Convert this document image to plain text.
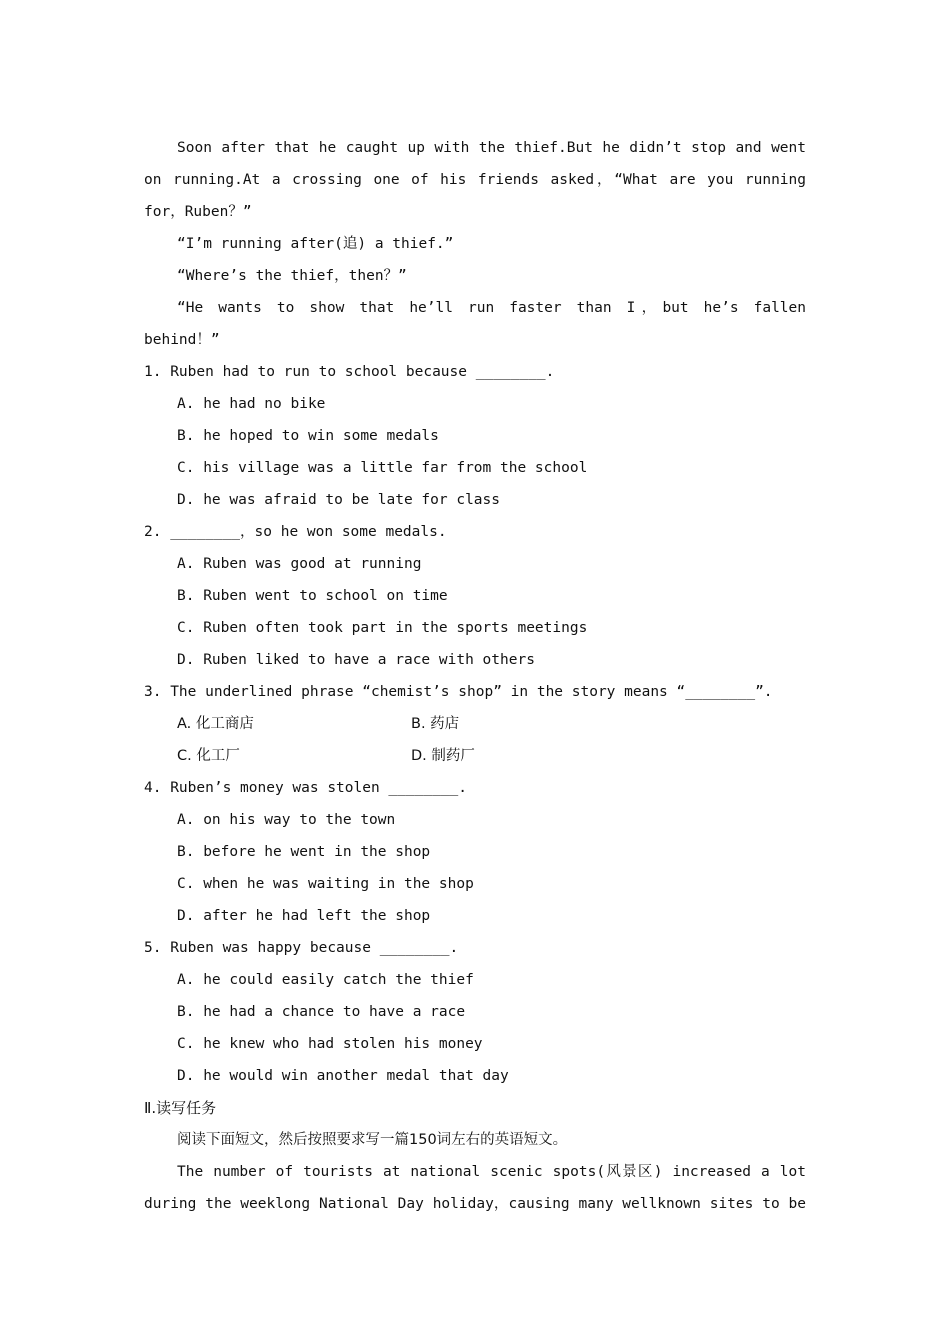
Soon after that he caught up with the thief.But he didn’t stop and went on running.At a crossing one of his friends asked，“What are you running for，Ruben？”

“I’m running after(追) a thief.”

“Where’s the thief，then？”

“He wants to show that he’ll run faster than I，but he’s fallen behind！”

1. Ruben had to run to school because ________.

A. he had no bike

B. he hoped to win some medals

C. his village was a little far from the school

D. he was afraid to be late for class

2. ________，so he won some medals.

A. Ruben was good at running

B. Ruben went to school on time

C. Ruben often took part in the sports meetings

D. Ruben liked to have a race with others

3. The underlined phrase “chemist’s shop” in the story means “________”.

A. 化工商店	B. 药店
C. 化工厂	D. 制药厂

4. Ruben’s money was stolen ________.

A. on his way to the town

B. before he went in the shop

C. when he was waiting in the shop

D. after he had left the shop

5. Ruben was happy because ________.

A. he could easily catch the thief

B. he had a chance to have a race

C. he knew who had stolen his money

D. he would win another medal that day

Ⅱ.读写任务

阅读下面短文，然后按照要求写一篇150词左右的英语短文。

The number of tourists at national scenic spots(风景区) increased a lot during the weeklong National Day holiday，causing many wellknown sites to be
